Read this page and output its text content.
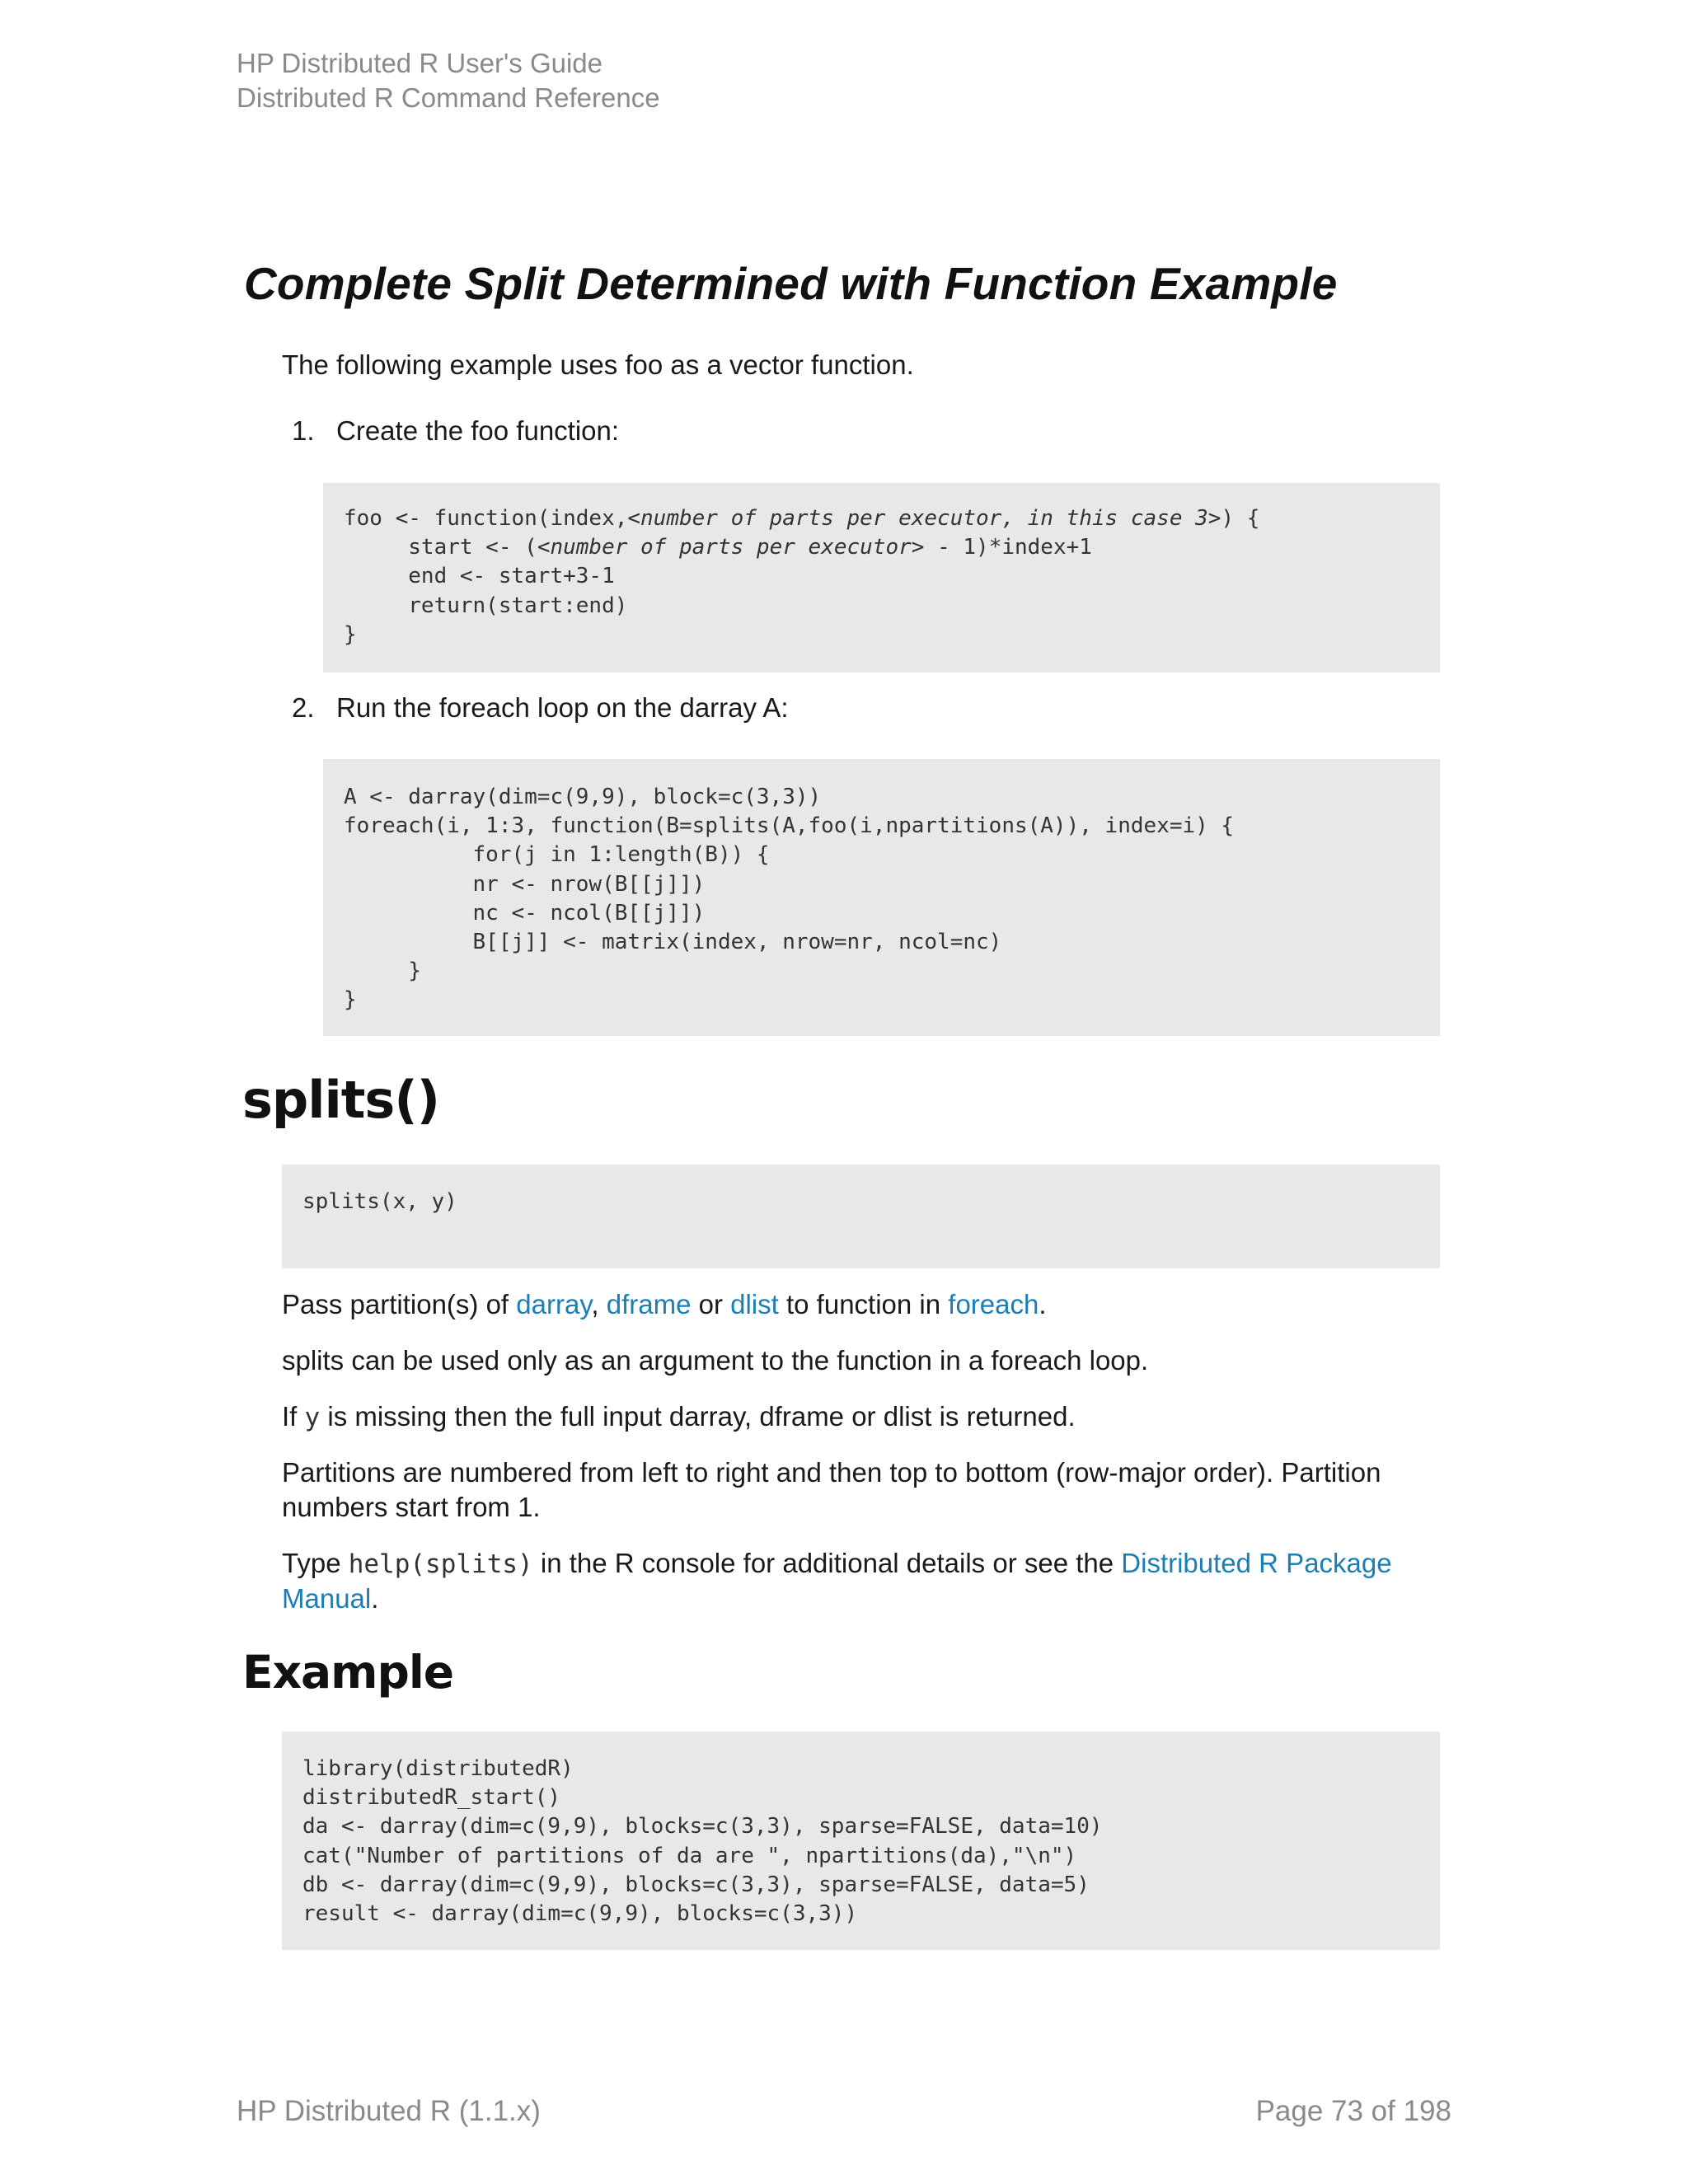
HP Distributed R User's Guide
Distributed R Command Reference
Complete Split Determined with Function Example
The following example uses foo as a vector function.
1. Create the foo function:
foo <- function(index,<number of parts per executor, in this case 3>) {
start <- (<number of parts per executor> - 1)*index+1
end <- start+3-1
return(start:end)
}
2. Run the foreach loop on the darray A:
A <- darray(dim=c(9,9), block=c(3,3))
foreach(i, 1:3, function(B=splits(A,foo(i,npartitions(A)), index=i) {
for(j in 1:length(B)) {
nr <- nrow(B[[j]])
nc <- ncol(B[[j]])
B[[j]] <- matrix(index, nrow=nr, ncol=nc)
}
}
splits()
splits(x, y)
Pass partition(s) of darray, dframe or dlist to function in foreach.
splits can be used only as an argument to the function in a foreach loop.
If y is missing then the full input darray, dframe or dlist is returned.
Partitions are numbered from left to right and then top to bottom (row-major order). Partition numbers start from 1.
Type help(splits) in the R console for additional details or see the Distributed R Package Manual.
Example
library(distributedR)
distributedR_start()
da <- darray(dim=c(9,9), blocks=c(3,3), sparse=FALSE, data=10)
cat("Number of partitions of da are ", npartitions(da),"\n")
db <- darray(dim=c(9,9), blocks=c(3,3), sparse=FALSE, data=5)
result <- darray(dim=c(9,9), blocks=c(3,3))
HP Distributed R (1.1.x)	Page 73 of 198
